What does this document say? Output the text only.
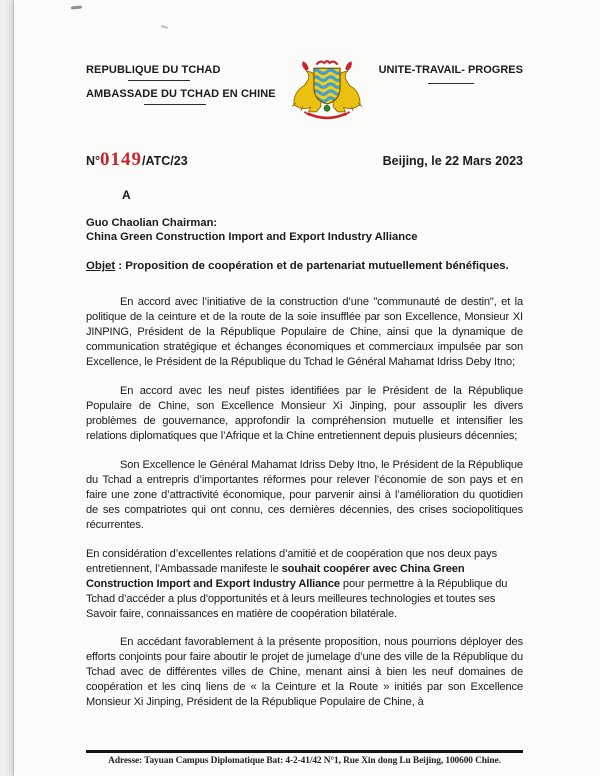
REPUBLIQUE DU TCHAD
AMBASSADE DU TCHAD EN CHINE
UNITE-TRAVAIL- PROGRES
N°0149/ATC/23	Beijing, le 22 Mars 2023
A
Guo Chaolian Chairman:
China Green Construction Import and Export Industry Alliance
Objet : Proposition de coopération et de partenariat mutuellement bénéfiques.

En accord avec l’initiative de la construction d’une "communauté de destin", et la politique de la ceinture et de la route de la soie insufflée par son Excellence, Monsieur XI JINPING, Président de la République Populaire de Chine, ainsi que la dynamique de communication stratégique et échanges économiques et commerciaux impulsée par son Excellence, le Président de la République du Tchad le Général Mahamat Idriss Deby Itno;

En accord avec les neuf pistes identifiées par le Président de la République Populaire de Chine, son Excellence Monsieur Xi Jinping, pour assouplir les divers problèmes de gouvernance, approfondir la compréhension mutuelle et intensifier les relations diplomatiques que l’Afrique et la Chine entretiennent depuis plusieurs décennies;

Son Excellence le Général Mahamat Idriss Deby Itno, le Président de la République du Tchad a entrepris d’importantes réformes pour relever l’économie de son pays et en faire une zone d’attractivité économique, pour parvenir ainsi à l’amélioration du quotidien de ses compatriotes qui ont connu, ces dernières décennies, des crises sociopolitiques récurrentes.

En considération d’excellentes relations d’amitié et de coopération que nos deux pays entretiennent, l’Ambassade manifeste le souhait coopérer avec China Green Construction Import and Export Industry Alliance pour permettre à la République du Tchad d’accéder a plus d'opportunités et à leurs meilleures technologies et toutes ses Savoir faire, connaissances en matière de coopération bilatérale.

En accédant favorablement à la présente proposition, nous pourrions déployer des efforts conjoints pour faire aboutir le projet de jumelage d’une des ville de la République du Tchad avec de différentes villes de Chine, menant ainsi à bien les neuf domaines de coopération et les cinq liens de « la Ceinture et la Route » initiés par son Excellence Monsieur Xi Jinping, Président de la République Populaire de Chine, à

Adresse: Tayuan Campus Diplomatique Bat: 4-2-41/42 N°1, Rue Xin dong Lu Beijing, 100600 Chine.
